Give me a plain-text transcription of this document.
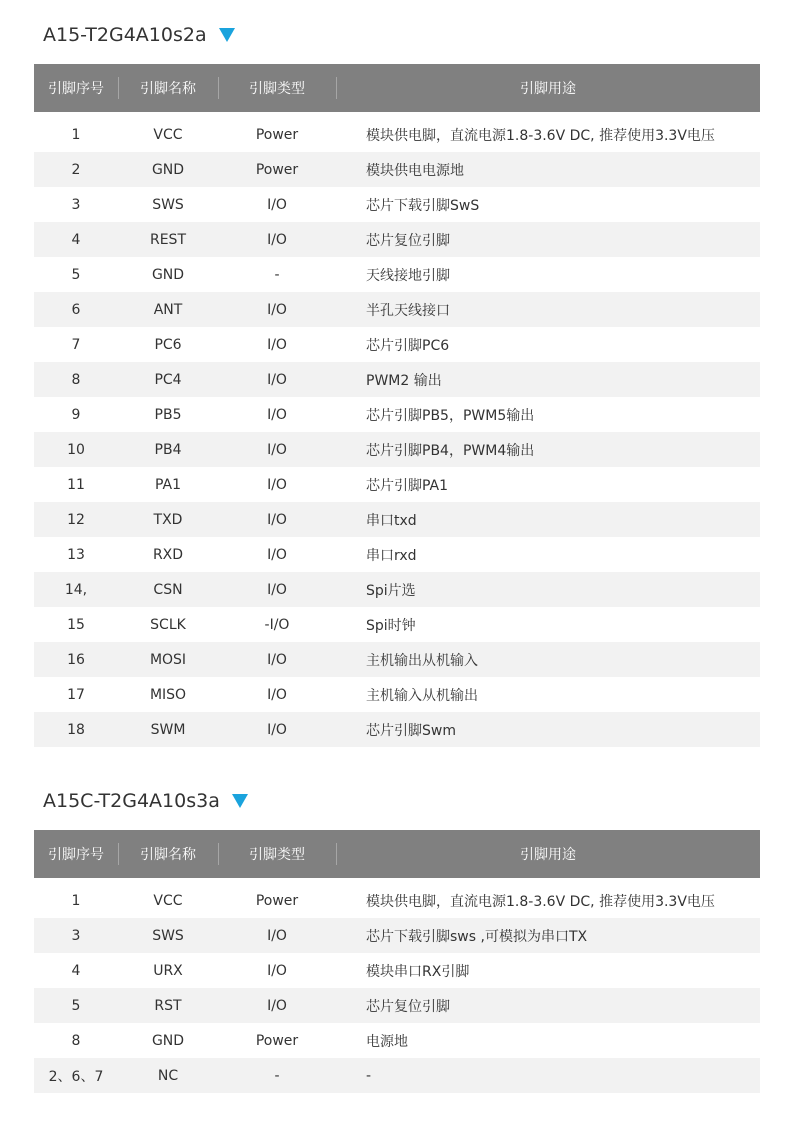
A15-T2G4A10s2a
引脚序号	引脚名称	引脚类型	引脚用途

1	VCC	Power	模块供电脚，直流电源1.8-3.6V DC, 推荐使用3.3V电压
2	GND	Power	模块供电电源地
3	SWS	I/O	芯片下载引脚SwS
4	REST	I/O	芯片复位引脚
5	GND	-	天线接地引脚
6	ANT	I/O	半孔天线接口
7	PC6	I/O	芯片引脚PC6
8	PC4	I/O	PWM2 输出
9	PB5	I/O	芯片引脚PB5，PWM5输出
10	PB4	I/O	芯片引脚PB4，PWM4输出
11	PA1	I/O	芯片引脚PA1
12	TXD	I/O	串口txd
13	RXD	I/O	串口rxd
14,	CSN	I/O	Spi片选
15	SCLK	-I/O	Spi时钟
16	MOSI	I/O	主机输出从机输入
17	MISO	I/O	主机输入从机输出
18	SWM	I/O	芯片引脚Swm
A15C-T2G4A10s3a
引脚序号	引脚名称	引脚类型	引脚用途

1	VCC	Power	模块供电脚，直流电源1.8-3.6V DC, 推荐使用3.3V电压
3	SWS	I/O	芯片下载引脚sws ,可模拟为串口TX
4	URX	I/O	模块串口RX引脚
5	RST	I/O	芯片复位引脚
8	GND	Power	电源地
2、6、7	NC	-	-
